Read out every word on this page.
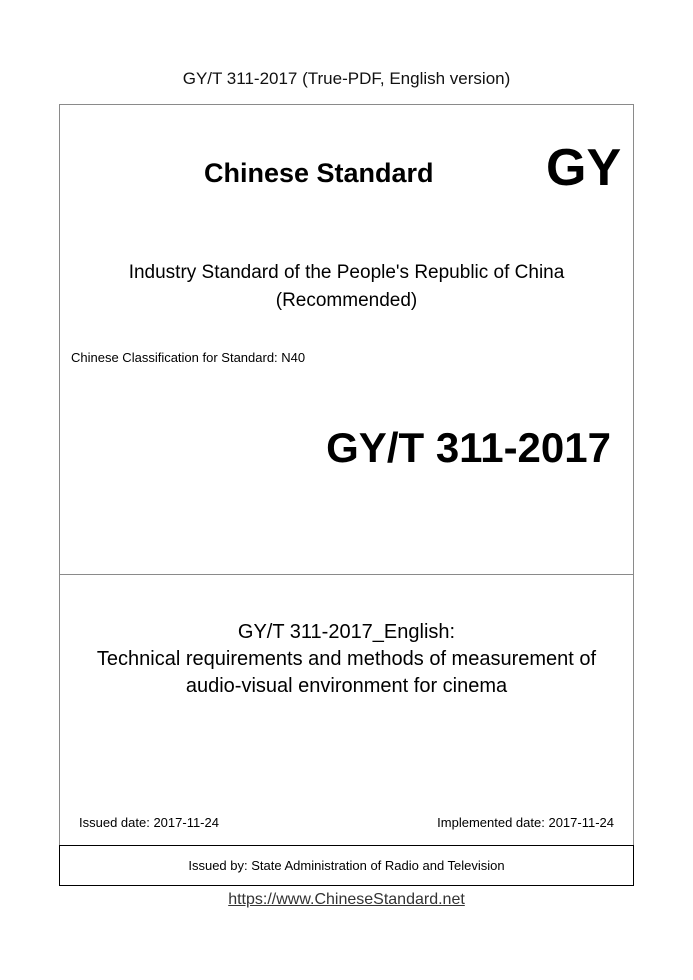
GY/T 311-2017 (True-PDF, English version)
Chinese Standard GY
Industry Standard of the People's Republic of China
(Recommended)
Chinese Classification for Standard: N40
GY/T 311-2017
GY/T 311-2017_English:
Technical requirements and methods of measurement of
audio-visual environment for cinema
Issued date: 2017-11-24	Implemented date: 2017-11-24
Issued by: State Administration of Radio and Television
https://www.ChineseStandard.net
